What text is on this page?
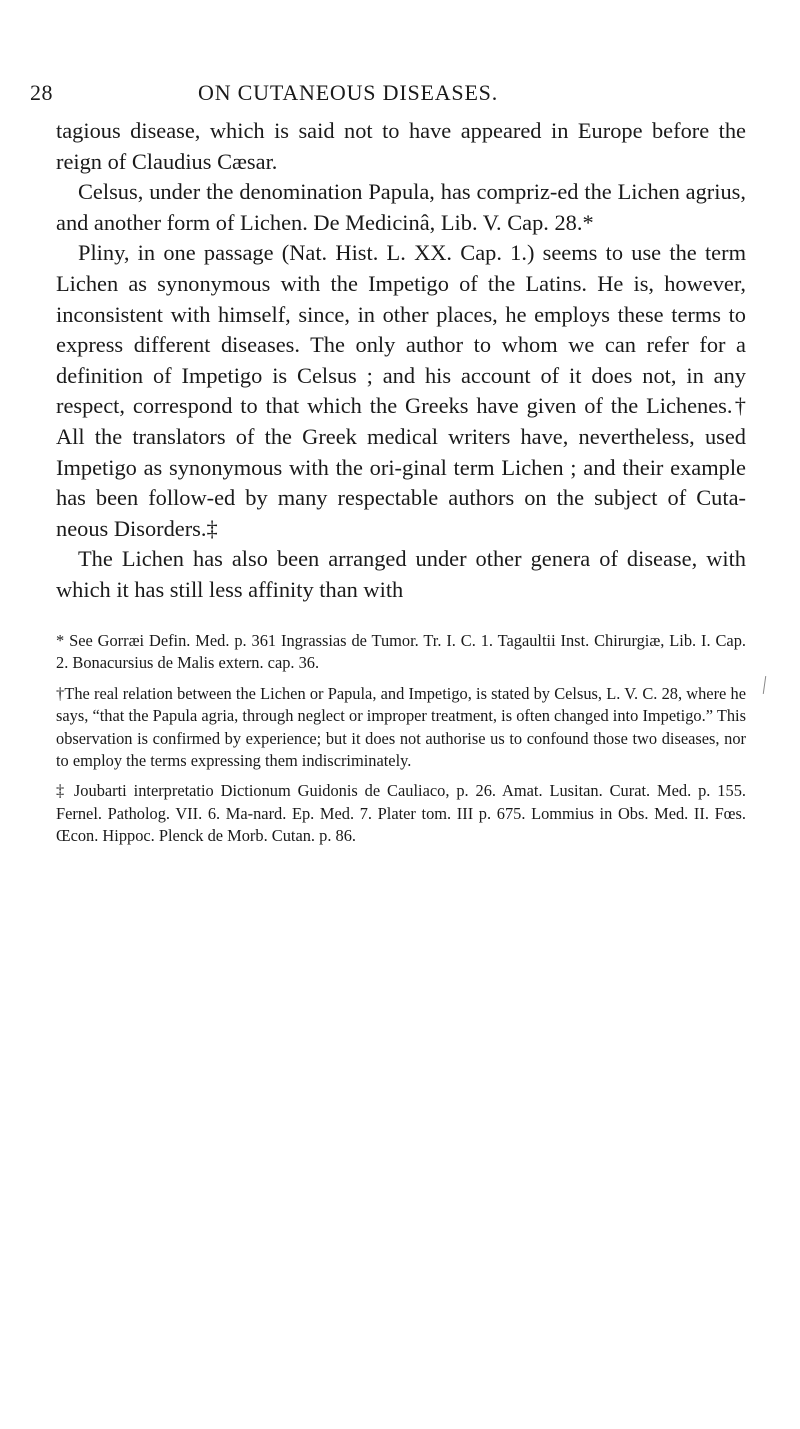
28	ON CUTANEOUS DISEASES.

tagious disease, which is said not to have appeared in Europe before the reign of Claudius Cæsar.

Celsus, under the denomination Papula, has compriz-ed the Lichen agrius, and another form of Lichen. De Medicinâ, Lib. V. Cap. 28.*

Pliny, in one passage (Nat. Hist. L. XX. Cap. 1.) seems to use the term Lichen as synonymous with the Impetigo of the Latins. He is, however, inconsistent with himself, since, in other places, he employs these terms to express different diseases. The only author to whom we can refer for a definition of Impetigo is Celsus ; and his account of it does not, in any respect, correspond to that which the Greeks have given of the Lichenes.† All the translators of the Greek medical writers have, nevertheless, used Impetigo as synonymous with the ori-ginal term Lichen ; and their example has been follow-ed by many respectable authors on the subject of Cuta-neous Disorders.‡

The Lichen has also been arranged under other genera of disease, with which it has still less affinity than with

* See Gorræi Defin. Med. p. 361 Ingrassias de Tumor. Tr. I. C. 1. Tagaultii Inst. Chirurgiæ, Lib. I. Cap. 2. Bonacursius de Malis extern. cap. 36.

†The real relation between the Lichen or Papula, and Impetigo, is stated by Celsus, L. V. C. 28, where he says, “that the Papula agria, through neglect or improper treatment, is often changed into Impetigo.” This observation is confirmed by experience; but it does not authorise us to confound those two diseases, nor to employ the terms expressing them indiscriminately.

‡ Joubarti interpretatio Dictionum Guidonis de Cauliaco, p. 26. Amat. Lusitan. Curat. Med. p. 155. Fernel. Patholog. VII. 6. Ma-nard. Ep. Med. 7. Plater tom. III p. 675. Lommius in Obs. Med. II. Fœs. Œcon. Hippoc. Plenck de Morb. Cutan. p. 86.
